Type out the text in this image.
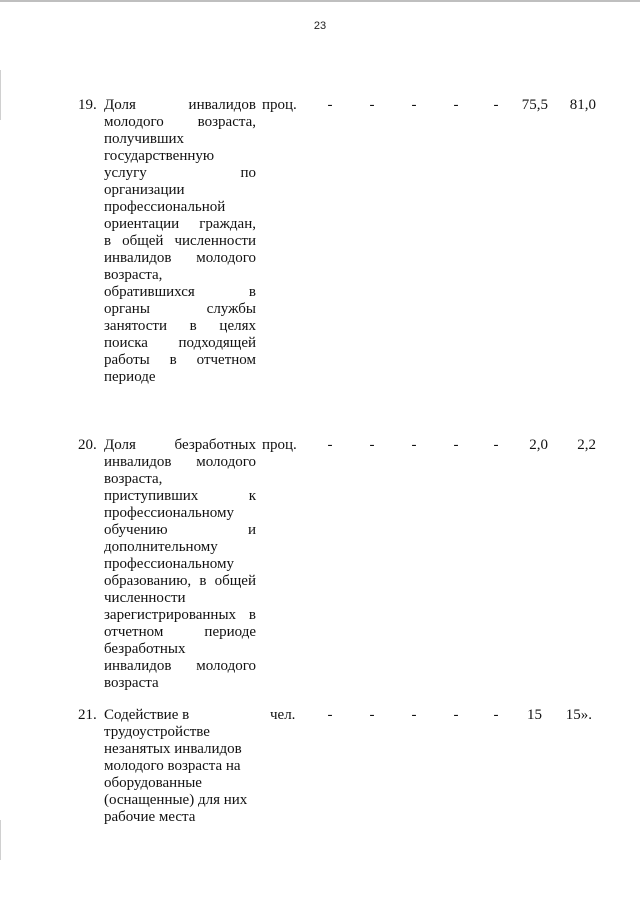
23
19. Доля инвалидов
молодого возраста,
получивших
государственную
услугу по
организации
профессиональной
ориентации граждан,
в общей численности
инвалидов молодого
возраста,
обратившихся в
органы службы
занятости в целях
поиска подходящей
работы в отчетном
периоде
проц. - - - - -	75,5	81,0
20. Доля безработных
инвалидов молодого
возраста,
приступивших к
профессиональному
обучению и
дополнительному
профессиональному
образованию, в общей
численности
зарегистрированных в
отчетном периоде
безработных
инвалидов молодого
возраста
проц. - - - - -	2,0	2,2
21. Содействие в
трудоустройстве
незанятых инвалидов
молодого возраста на
оборудованные
(оснащенные) для них
рабочие места
чел. - - - - -	15	15».
